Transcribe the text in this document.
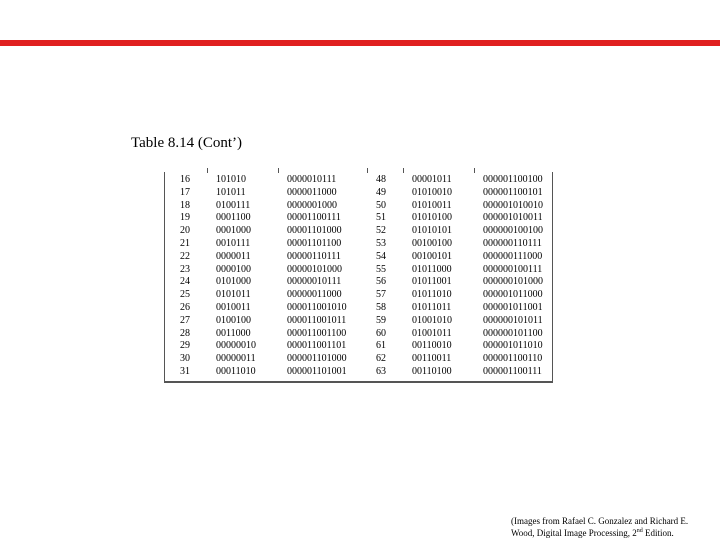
Table 8.14 (Cont’)
16	101010	0000010111	48	00001011	000001100100
17	101011	0000011000	49	01010010	000001100101
18	0100111	0000001000	50	01010011	000001010010
19	0001100	00001100111	51	01010100	000001010011
20	0001000	00001101000	52	01010101	000000100100
21	0010111	00001101100	53	00100100	000000110111
22	0000011	00000110111	54	00100101	000000111000
23	0000100	00000101000	55	01011000	000000100111
24	0101000	00000010111	56	01011001	000000101000
25	0101011	00000011000	57	01011010	000001011000
26	0010011	000011001010	58	01011011	000001011001
27	0100100	000011001011	59	01001010	000000101011
28	0011000	000011001100	60	01001011	000000101100
29	00000010	000011001101	61	00110010	000001011010
30	00000011	000001101000	62	00110011	000001100110
31	00011010	000001101001	63	00110100	000001100111
(Images from Rafael C. Gonzalez and Richard E.
Wood, Digital Image Processing, 2nd Edition.
